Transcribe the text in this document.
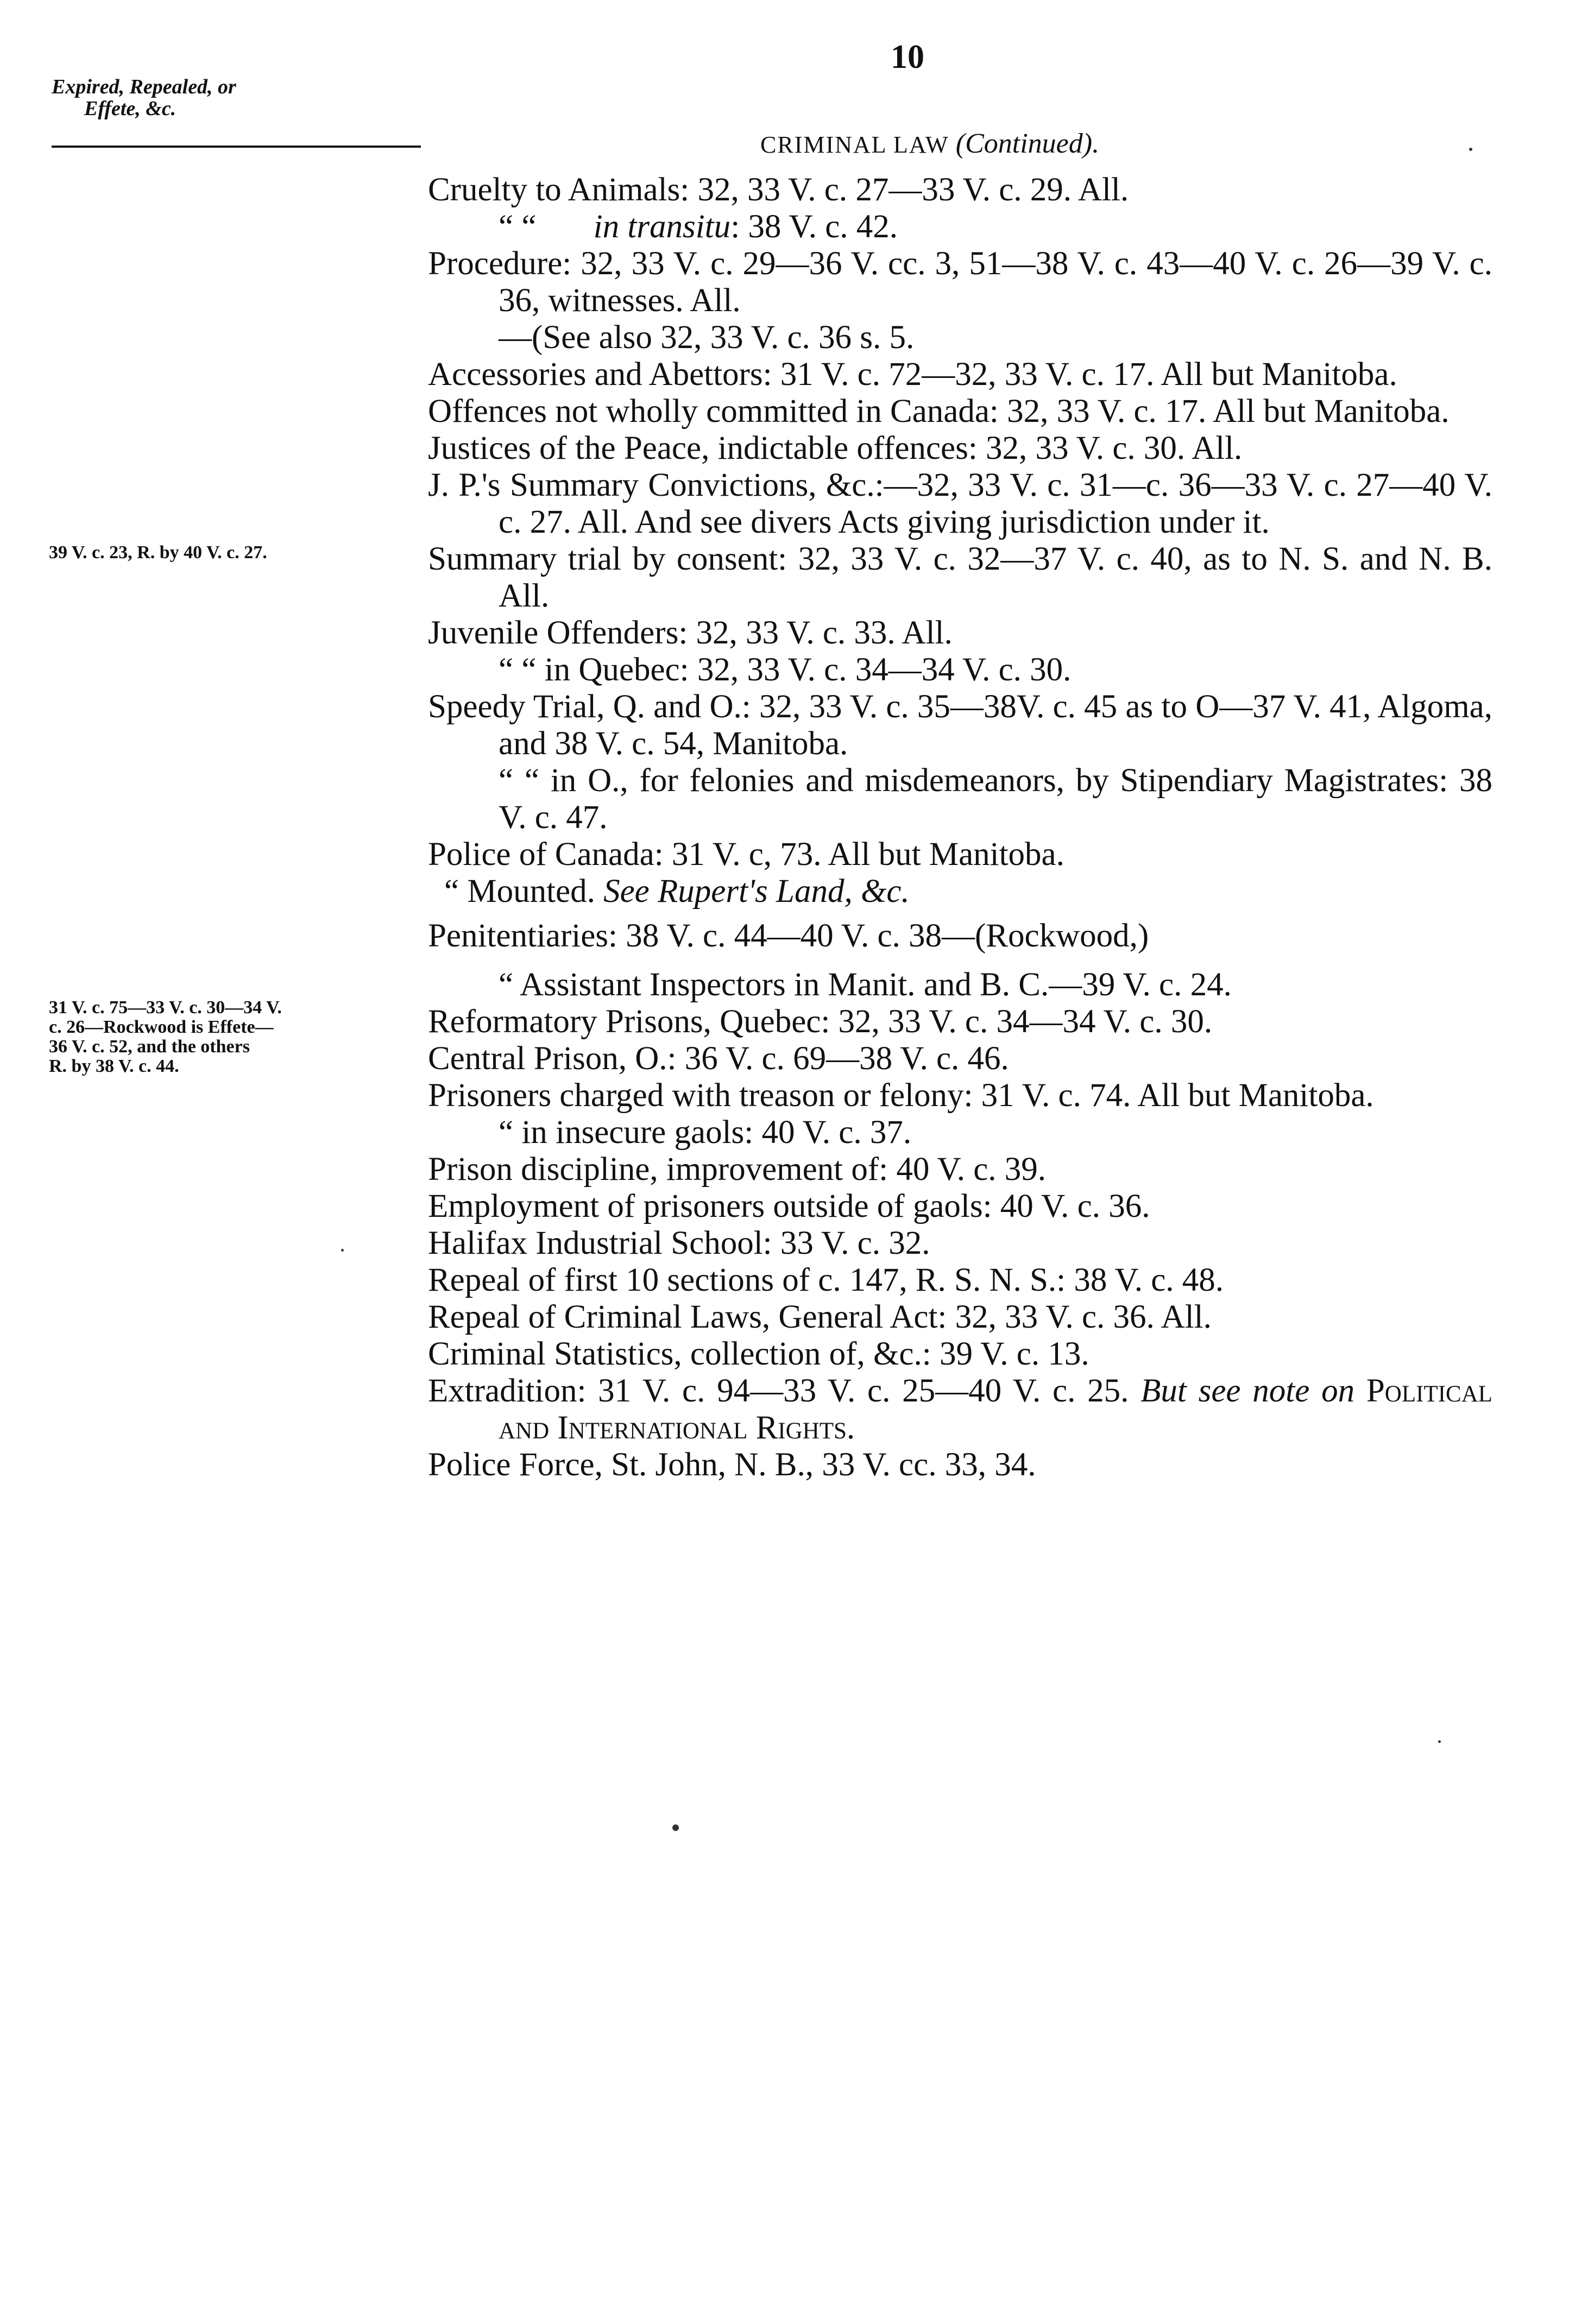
10
Expired, Repealed, or
Effete, &c.
CRIMINAL LAW (Continued).
39 V. c. 23, R. by 40 V. c. 27.
31 V. c. 75—33 V. c. 30—34 V.
c. 26—Rockwood is Effete—
36 V. c. 52, and the others
R. by 38 V. c. 44.
Cruelty to Animals: 32, 33 V. c. 27—33 V. c. 29. All.
“ “ in transitu: 38 V. c. 42.
Procedure: 32, 33 V. c. 29—36 V. cc. 3, 51—38 V. c. 43—40 V. c. 26—39 V. c. 36, witnesses. All.
—(See also 32, 33 V. c. 36 s. 5.
Accessories and Abettors: 31 V. c. 72—32, 33 V. c. 17. All but Manitoba.
Offences not wholly committed in Canada: 32, 33 V. c. 17. All but Manitoba.
Justices of the Peace, indictable offences: 32, 33 V. c. 30. All.
J. P.'s Summary Convictions, &c.:—32, 33 V. c. 31—c. 36—33 V. c. 27—40 V. c. 27. All. And see divers Acts giving jurisdiction under it.
Summary trial by consent: 32, 33 V. c. 32—37 V. c. 40, as to N. S. and N. B. All.
Juvenile Offenders: 32, 33 V. c. 33. All.
“ “ in Quebec: 32, 33 V. c. 34—34 V. c. 30.
Speedy Trial, Q. and O.: 32, 33 V. c. 35—38V. c. 45 as to O—37 V. 41, Algoma, and 38 V. c. 54, Manitoba.
“ “ in O., for felonies and misdemeanors, by Stipendiary Magistrates: 38 V. c. 47.
Police of Canada: 31 V. c, 73. All but Manitoba.
“ Mounted. See Rupert's Land, &c.
Penitentiaries: 38 V. c. 44—40 V. c. 38—(Rockwood,)
“ Assistant Inspectors in Manit. and B. C.—39 V. c. 24.
Reformatory Prisons, Quebec: 32, 33 V. c. 34—34 V. c. 30.
Central Prison, O.: 36 V. c. 69—38 V. c. 46.
Prisoners charged with treason or felony: 31 V. c. 74. All but Manitoba.
“ in insecure gaols: 40 V. c. 37.
Prison discipline, improvement of: 40 V. c. 39.
Employment of prisoners outside of gaols: 40 V. c. 36.
Halifax Industrial School: 33 V. c. 32.
Repeal of first 10 sections of c. 147, R. S. N. S.: 38 V. c. 48.
Repeal of Criminal Laws, General Act: 32, 33 V. c. 36. All.
Criminal Statistics, collection of, &c.: 39 V. c. 13.
Extradition: 31 V. c. 94—33 V. c. 25—40 V. c. 25. But see note on Political and International Rights.
Police Force, St. John, N. B., 33 V. cc. 33, 34.
